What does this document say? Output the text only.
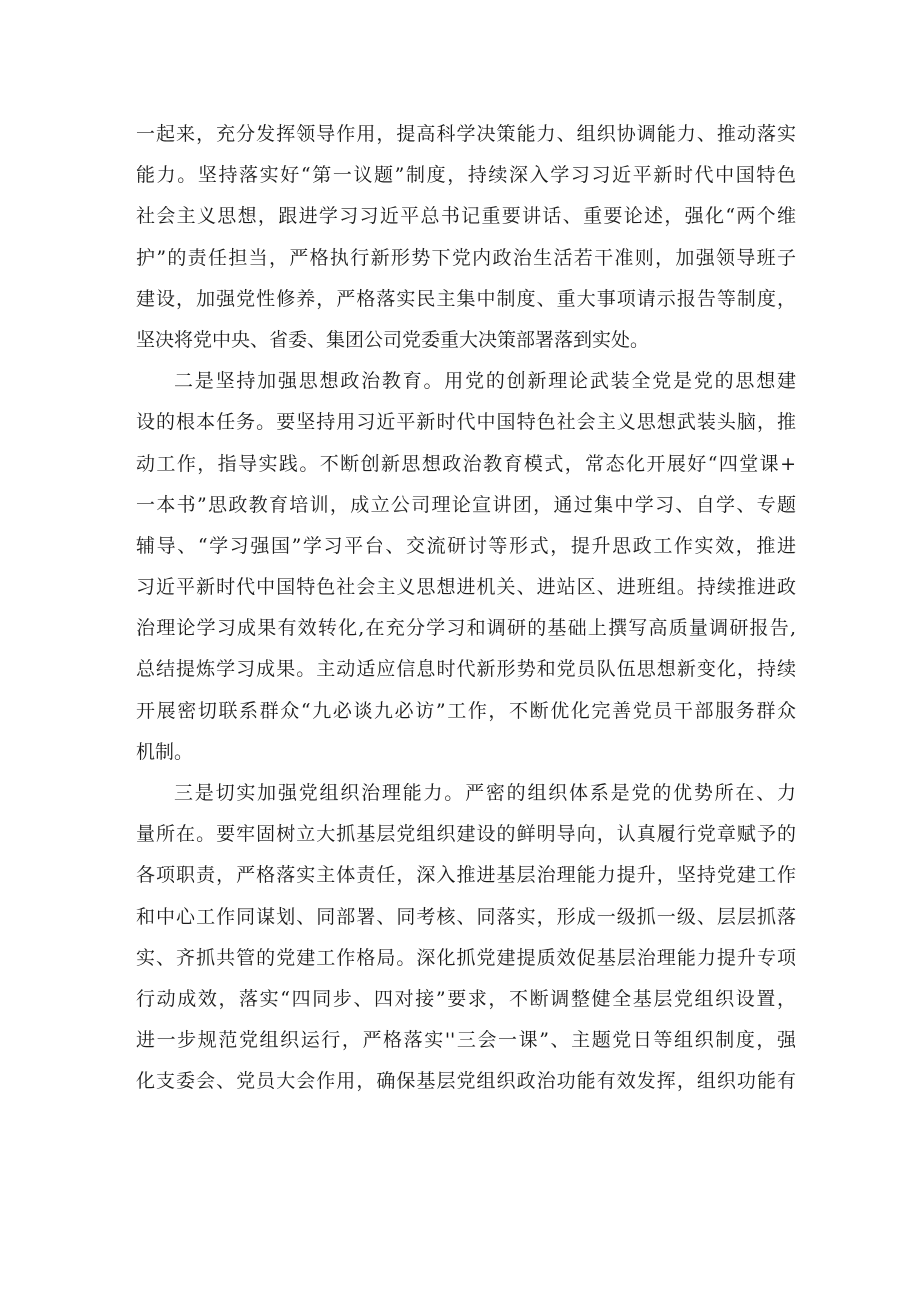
一起来，充分发挥领导作用，提高科学决策能力、组织协调能力、推动落实
能力。坚持落实好“第一议题”制度，持续深入学习习近平新时代中国特色
社会主义思想，跟进学习习近平总书记重要讲话、重要论述，强化“两个维
护”的责任担当，严格执行新形势下党内政治生活若干准则，加强领导班子
建设，加强党性修养，严格落实民主集中制度、重大事项请示报告等制度，
坚决将党中央、省委、集团公司党委重大决策部署落到实处。
二是坚持加强思想政治教育。用党的创新理论武装全党是党的思想建
设的根本任务。要坚持用习近平新时代中国特色社会主义思想武装头脑，推
动工作，指导实践。不断创新思想政治教育模式，常态化开展好“四堂课+
一本书”思政教育培训，成立公司理论宣讲团，通过集中学习、自学、专题
辅导、“学习强国”学习平台、交流研讨等形式，提升思政工作实效，推进
习近平新时代中国特色社会主义思想进机关、进站区、进班组。持续推进政
治理论学习成果有效转化,在充分学习和调研的基础上撰写高质量调研报告,
总结提炼学习成果。主动适应信息时代新形势和党员队伍思想新变化，持续
开展密切联系群众“九必谈九必访”工作，不断优化完善党员干部服务群众
机制。
三是切实加强党组织治理能力。严密的组织体系是党的优势所在、力
量所在。要牢固树立大抓基层党组织建设的鲜明导向，认真履行党章赋予的
各项职责，严格落实主体责任，深入推进基层治理能力提升，坚持党建工作
和中心工作同谋划、同部署、同考核、同落实，形成一级抓一级、层层抓落
实、齐抓共管的党建工作格局。深化抓党建提质效促基层治理能力提升专项
行动成效，落实“四同步、四对接”要求，不断调整健全基层党组织设置，
进一步规范党组织运行，严格落实''三会一课”、主题党日等组织制度，强
化支委会、党员大会作用，确保基层党组织政治功能有效发挥，组织功能有
